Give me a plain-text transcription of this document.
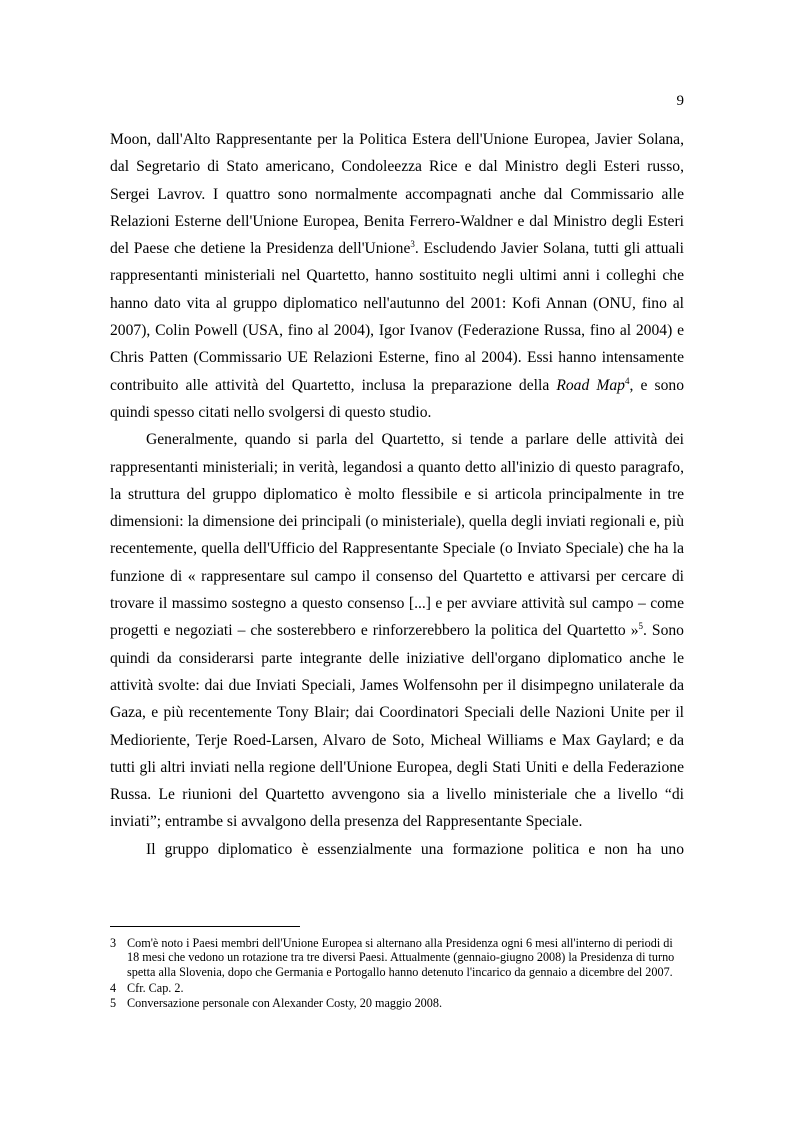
9

Moon, dall'Alto Rappresentante per la Politica Estera dell'Unione Europea, Javier Solana, dal Segretario di Stato americano, Condoleezza Rice e dal Ministro degli Esteri russo, Sergei Lavrov. I quattro sono normalmente accompagnati anche dal Commissario alle Relazioni Esterne dell'Unione Europea, Benita Ferrero-Waldner e dal Ministro degli Esteri del Paese che detiene la Presidenza dell'Unione$^3$. Escludendo Javier Solana, tutti gli attuali rappresentanti ministeriali nel Quartetto, hanno sostituito negli ultimi anni i colleghi che hanno dato vita al gruppo diplomatico nell'autunno del 2001: Kofi Annan (ONU, fino al 2007), Colin Powell (USA, fino al 2004), Igor Ivanov (Federazione Russa, fino al 2004) e Chris Patten (Commissario UE Relazioni Esterne, fino al 2004). Essi hanno intensamente contribuito alle attività del Quartetto, inclusa la preparazione della Road Map$^4$, e sono quindi spesso citati nello svolgersi di questo studio.

Generalmente, quando si parla del Quartetto, si tende a parlare delle attività dei rappresentanti ministeriali; in verità, legandosi a quanto detto all'inizio di questo paragrafo, la struttura del gruppo diplomatico è molto flessibile e si articola principalmente in tre dimensioni: la dimensione dei principali (o ministeriale), quella degli inviati regionali e, più recentemente, quella dell'Ufficio del Rappresentante Speciale (o Inviato Speciale) che ha la funzione di « rappresentare sul campo il consenso del Quartetto e attivarsi per cercare di trovare il massimo sostegno a questo consenso [...] e per avviare attività sul campo – come progetti e negoziati – che sosterebbero e rinforzerebbero la politica del Quartetto »$^5$. Sono quindi da considerarsi parte integrante delle iniziative dell'organo diplomatico anche le attività svolte: dai due Inviati Speciali, James Wolfensohn per il disimpegno unilaterale da Gaza, e più recentemente Tony Blair; dai Coordinatori Speciali delle Nazioni Unite per il Medioriente, Terje Roed-Larsen, Alvaro de Soto, Micheal Williams e Max Gaylard; e da tutti gli altri inviati nella regione dell'Unione Europea, degli Stati Uniti e della Federazione Russa. Le riunioni del Quartetto avvengono sia a livello ministeriale che a livello “di inviati”; entrambe si avvalgono della presenza del Rappresentante Speciale.

Il gruppo diplomatico è essenzialmente una formazione politica e non ha uno

3 Com'è noto i Paesi membri dell'Unione Europea si alternano alla Presidenza ogni 6 mesi all'interno di periodi di 18 mesi che vedono un rotazione tra tre diversi Paesi. Attualmente (gennaio-giugno 2008) la Presidenza di turno spetta alla Slovenia, dopo che Germania e Portogallo hanno detenuto l'incarico da gennaio a dicembre del 2007.
4 Cfr. Cap. 2.
5 Conversazione personale con Alexander Costy, 20 maggio 2008.
